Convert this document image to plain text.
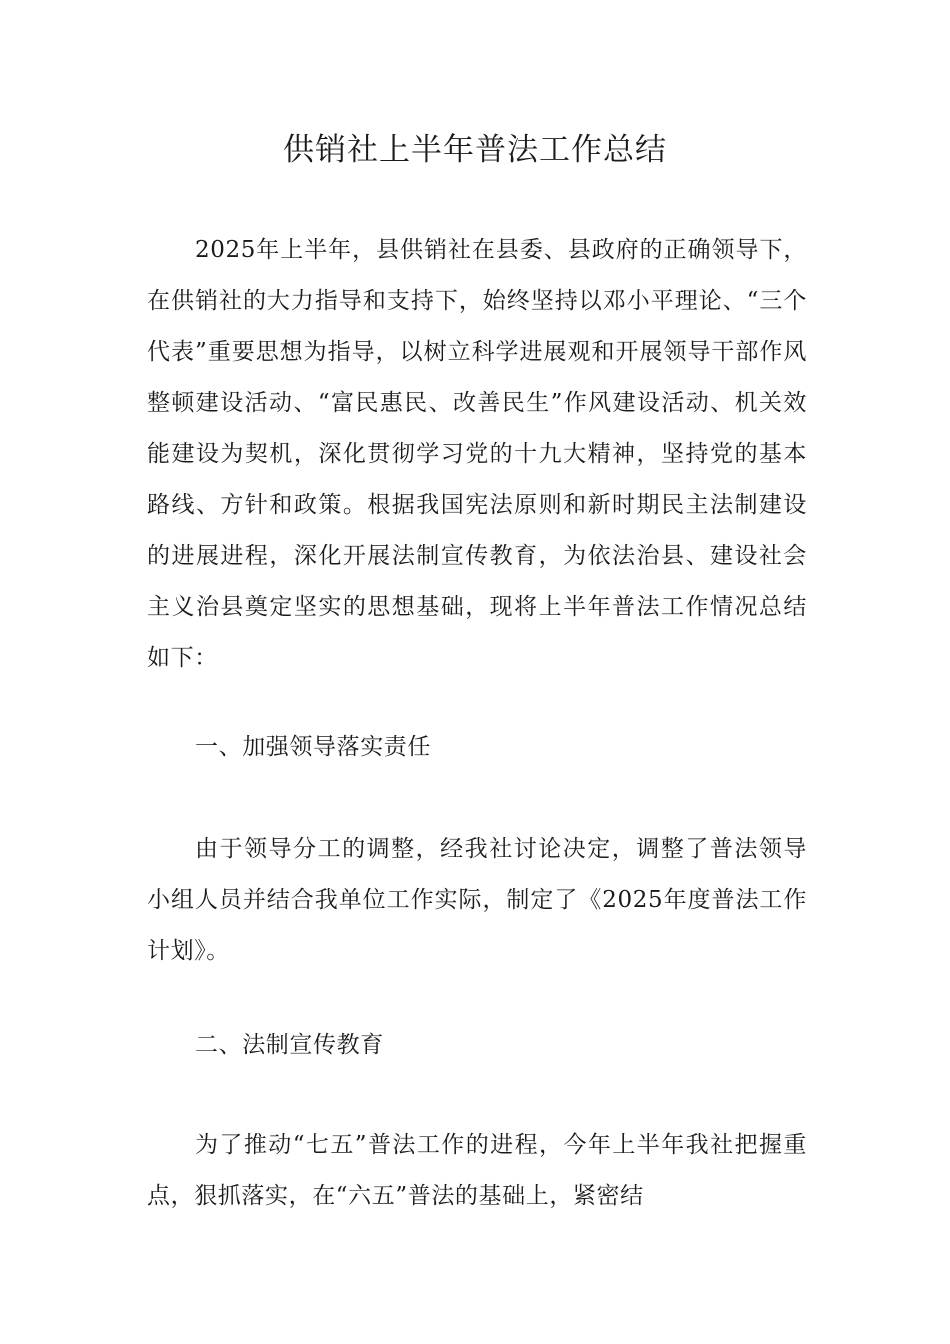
供销社上半年普法工作总结

2025年上半年，县供销社在县委、县政府的正确领导下，在供销社的大力指导和支持下，始终坚持以邓小平理论、“三个代表”重要思想为指导，以树立科学进展观和开展领导干部作风整顿建设活动、“富民惠民、改善民生”作风建设活动、机关效能建设为契机，深化贯彻学习党的十九大精神，坚持党的基本路线、方针和政策。根据我国宪法原则和新时期民主法制建设的进展进程，深化开展法制宣传教育，为依法治县、建设社会主义治县奠定坚实的思想基础，现将上半年普法工作情况总结如下：

一、加强领导落实责任

由于领导分工的调整，经我社讨论决定，调整了普法领导小组人员并结合我单位工作实际，制定了《2025年度普法工作计划》。

二、法制宣传教育

为了推动“七五”普法工作的进程，今年上半年我社把握重点，狠抓落实，在“六五”普法的基础上，紧密结
